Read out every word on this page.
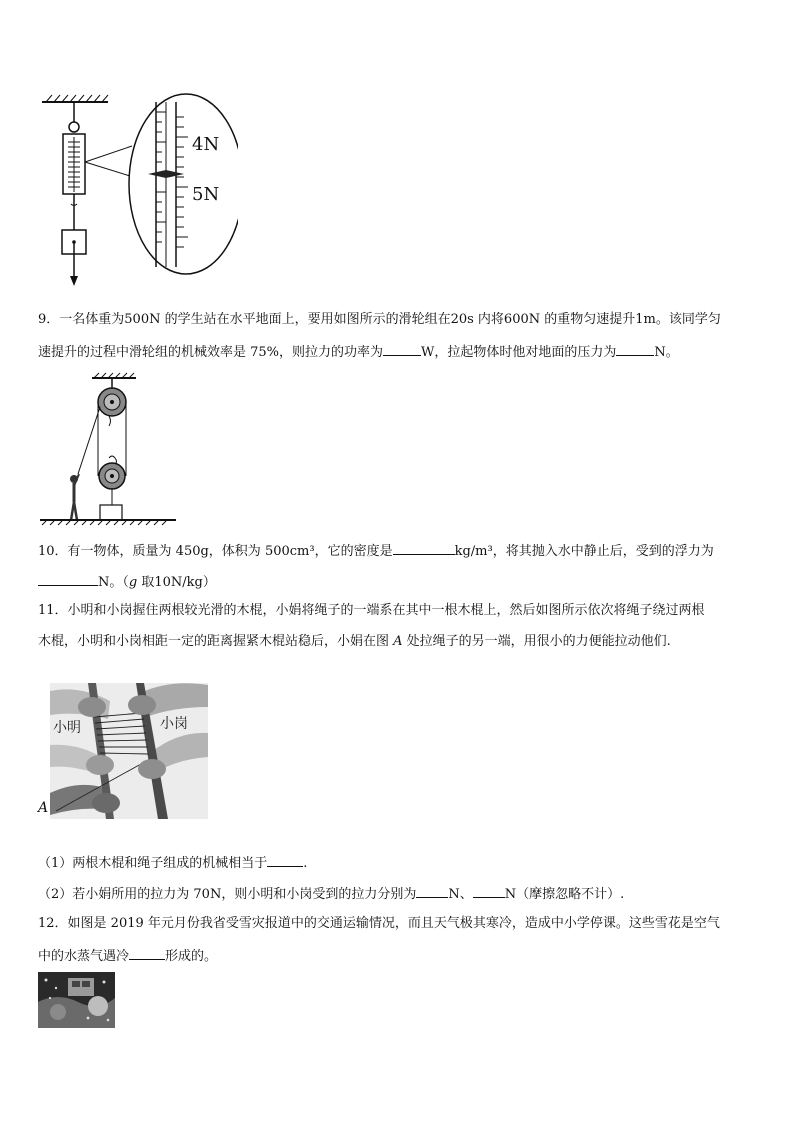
4N
5N
9．一名体重为500N 的学生站在水平地面上，要用如图所示的滑轮组在20s 内将600N 的重物匀速提升1m。该同学匀
速提升的过程中滑轮组的机械效率是 75%，则拉力的功率为	W，拉起物体时他对地面的压力为	N。
10．有一物体，质量为 450g，体积为 500cm³，它的密度是	kg/m³，将其抛入水中静止后，受到的浮力为
N。（g 取10N/kg）
11．小明和小岗握住两根较光滑的木棍，小娟将绳子的一端系在其中一根木棍上，然后如图所示依次将绳子绕过两根
木棍，小明和小岗相距一定的距离握紧木棍站稳后，小娟在图 A 处拉绳子的另一端，用很小的力便能拉动他们.
小明	小岗
A
（1）两根木棍和绳子组成的机械相当于	.
（2）若小娟所用的拉力为 70N，则小明和小岗受到的拉力分别为 N、 N（摩擦忽略不计）.
12．如图是 2019 年元月份我省受雪灾报道中的交通运输情况，而且天气极其寒冷，造成中小学停课。这些雪花是空气
中的水蒸气遇冷	形成的。
